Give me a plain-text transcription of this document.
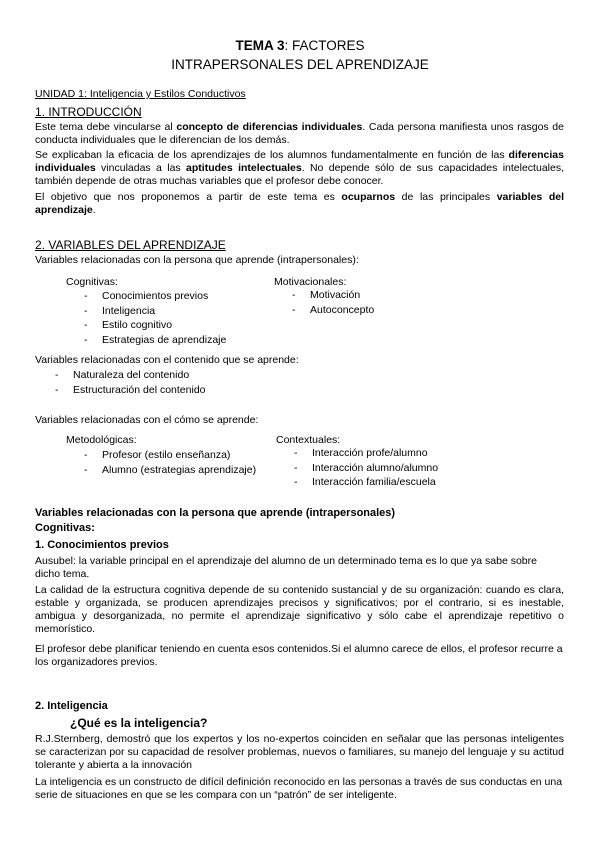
TEMA 3: FACTORES
INTRAPERSONALES DEL APRENDIZAJE
UNIDAD 1: Inteligencia y Estilos Conductivos
1. INTRODUCCIÓN
Este tema debe vincularse al concepto de diferencias individuales. Cada persona manifiesta unos rasgos de conducta individuales que le diferencian de los demás.
Se explicaban la eficacia de los aprendizajes de los alumnos fundamentalmente en función de las diferencias individuales vinculadas a las aptitudes intelectuales. No depende sólo de sus capacidades intelectuales, también depende de otras muchas variables que el profesor debe conocer.
El objetivo que nos proponemos a partir de este tema es ocuparnos de las principales variables del aprendizaje.
2. VARIABLES DEL APRENDIZAJE
Variables relacionadas con la persona que aprende (intrapersonales):
Cognitivas:
- Conocimientos previos
- Inteligencia
- Estilo cognitivo
- Estrategias de aprendizaje
Motivacionales:
- Motivación
- Autoconcepto
Variables relacionadas con el contenido que se aprende:
- Naturaleza del contenido
- Estructuración del contenido
Variables relacionadas con el cómo se aprende:
Metodológicas:
- Profesor (estilo enseñanza)
- Alumno (estrategias aprendizaje)
Contextuales:
- Interacción profe/alumno
- Interacción alumno/alumno
- Interacción familia/escuela
Variables relacionadas con la persona que aprende (intrapersonales)
Cognitivas:
1. Conocimientos previos
Ausubel: la variable principal en el aprendizaje del alumno de un determinado tema es lo que ya sabe sobre dicho tema.
La calidad de la estructura cognitiva depende de su contenido sustancial y de su organización: cuando es clara, estable y organizada, se producen aprendizajes precisos y significativos; por el contrario, si es inestable, ambigua y desorganizada, no permite el aprendizaje significativo y sólo cabe el aprendizaje repetitivo o memorístico.
El profesor debe planificar teniendo en cuenta esos contenidos.Si el alumno carece de ellos, el profesor recurre a los organizadores previos.
2. Inteligencia
¿Qué es la inteligencia?
R.J.Sternberg, demostró que los expertos y los no-expertos coinciden en señalar que las personas inteligentes se caracterizan por su capacidad de resolver problemas, nuevos o familiares, su manejo del lenguaje y su actitud tolerante y abierta a la innovación
La inteligencia es un constructo de difícil definición reconocido en las personas a través de sus conductas en una serie de situaciones en que se les compara con un “patrón” de ser inteligente.
